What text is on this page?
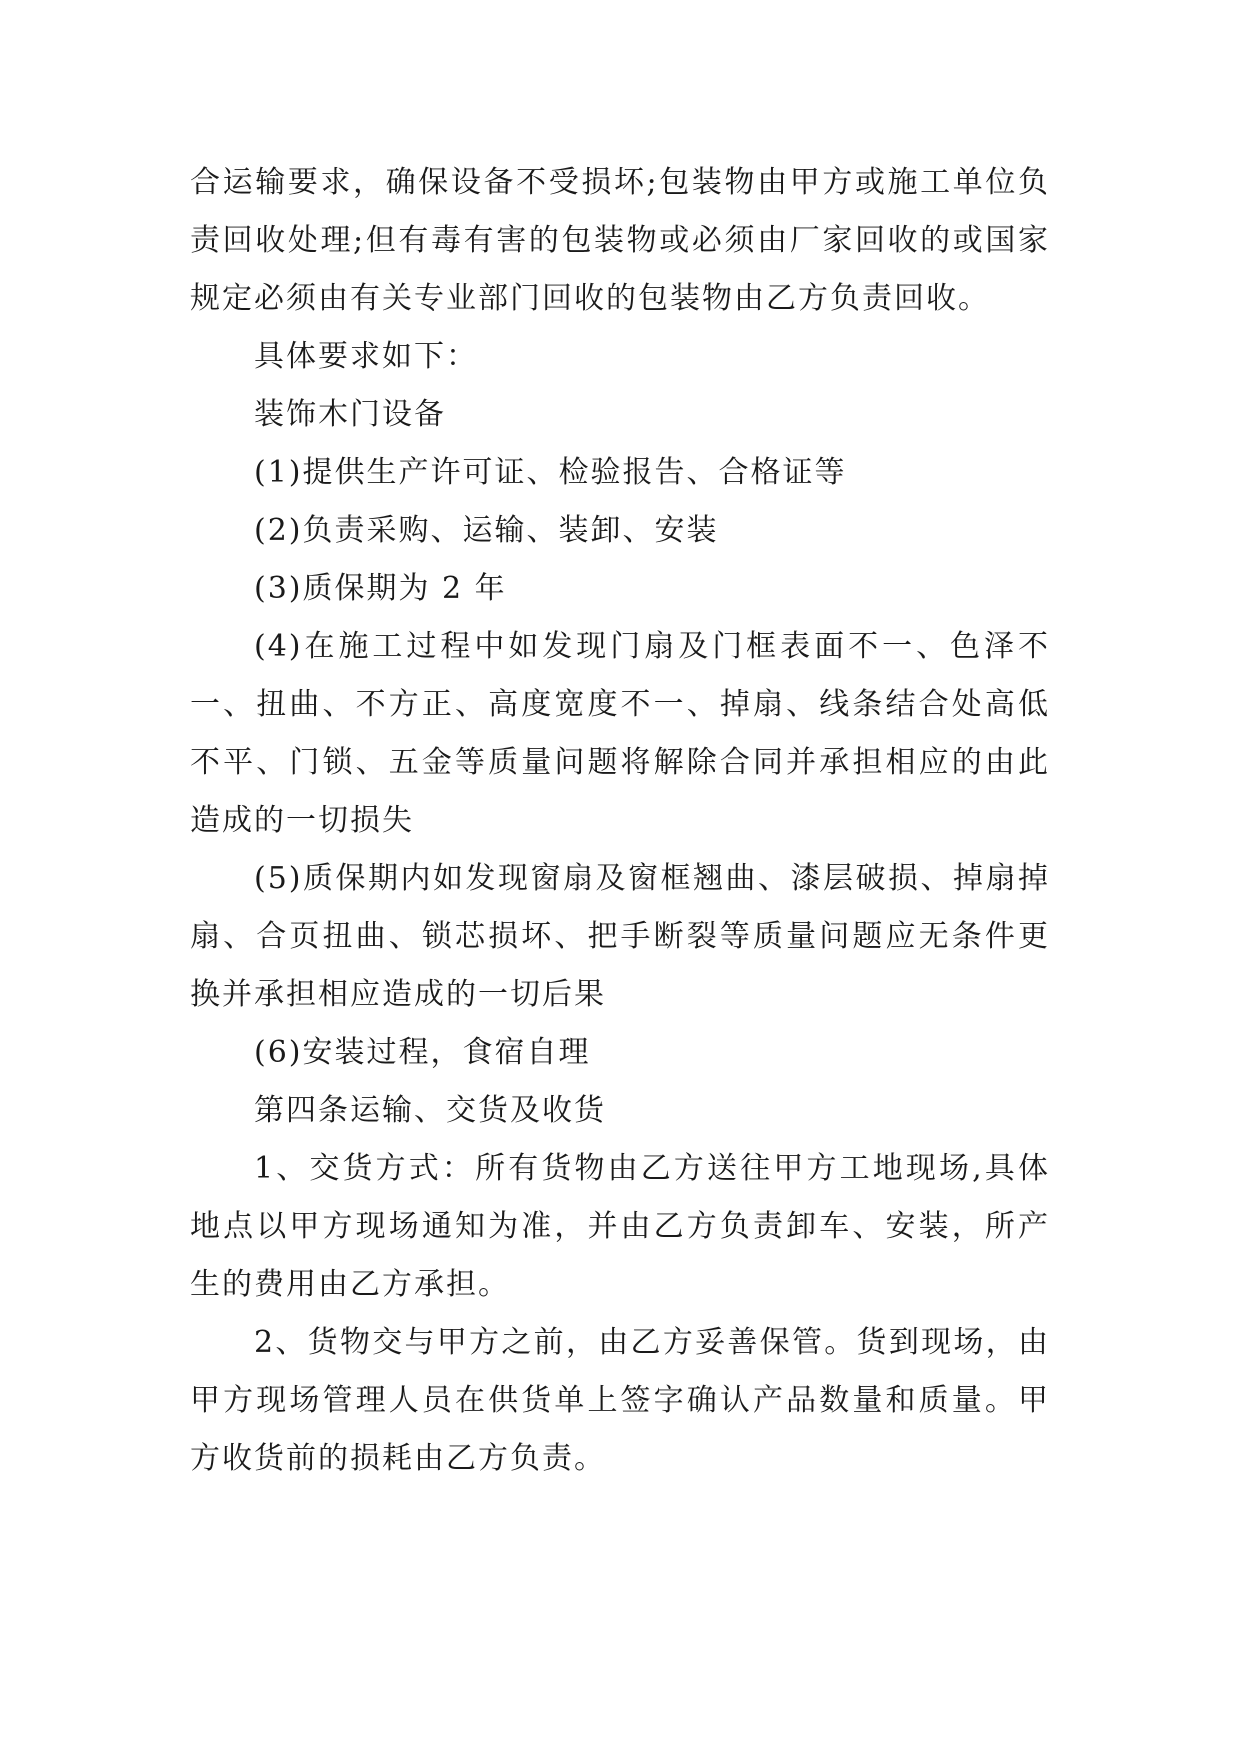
合运输要求，确保设备不受损坏;包装物由甲方或施工单位负责回收处理;但有毒有害的包装物或必须由厂家回收的或国家规定必须由有关专业部门回收的包装物由乙方负责回收。

具体要求如下：

装饰木门设备

(1)提供生产许可证、检验报告、合格证等

(2)负责采购、运输、装卸、安装

(3)质保期为 2 年

(4)在施工过程中如发现门扇及门框表面不一、色泽不一、扭曲、不方正、高度宽度不一、掉扇、线条结合处高低不平、门锁、五金等质量问题将解除合同并承担相应的由此造成的一切损失

(5)质保期内如发现窗扇及窗框翘曲、漆层破损、掉扇掉扇、合页扭曲、锁芯损坏、把手断裂等质量问题应无条件更换并承担相应造成的一切后果

(6)安装过程，食宿自理

第四条运输、交货及收货

1、交货方式：所有货物由乙方送往甲方工地现场,具体地点以甲方现场通知为准，并由乙方负责卸车、安装，所产生的费用由乙方承担。

2、货物交与甲方之前，由乙方妥善保管。货到现场，由甲方现场管理人员在供货单上签字确认产品数量和质量。甲方收货前的损耗由乙方负责。
